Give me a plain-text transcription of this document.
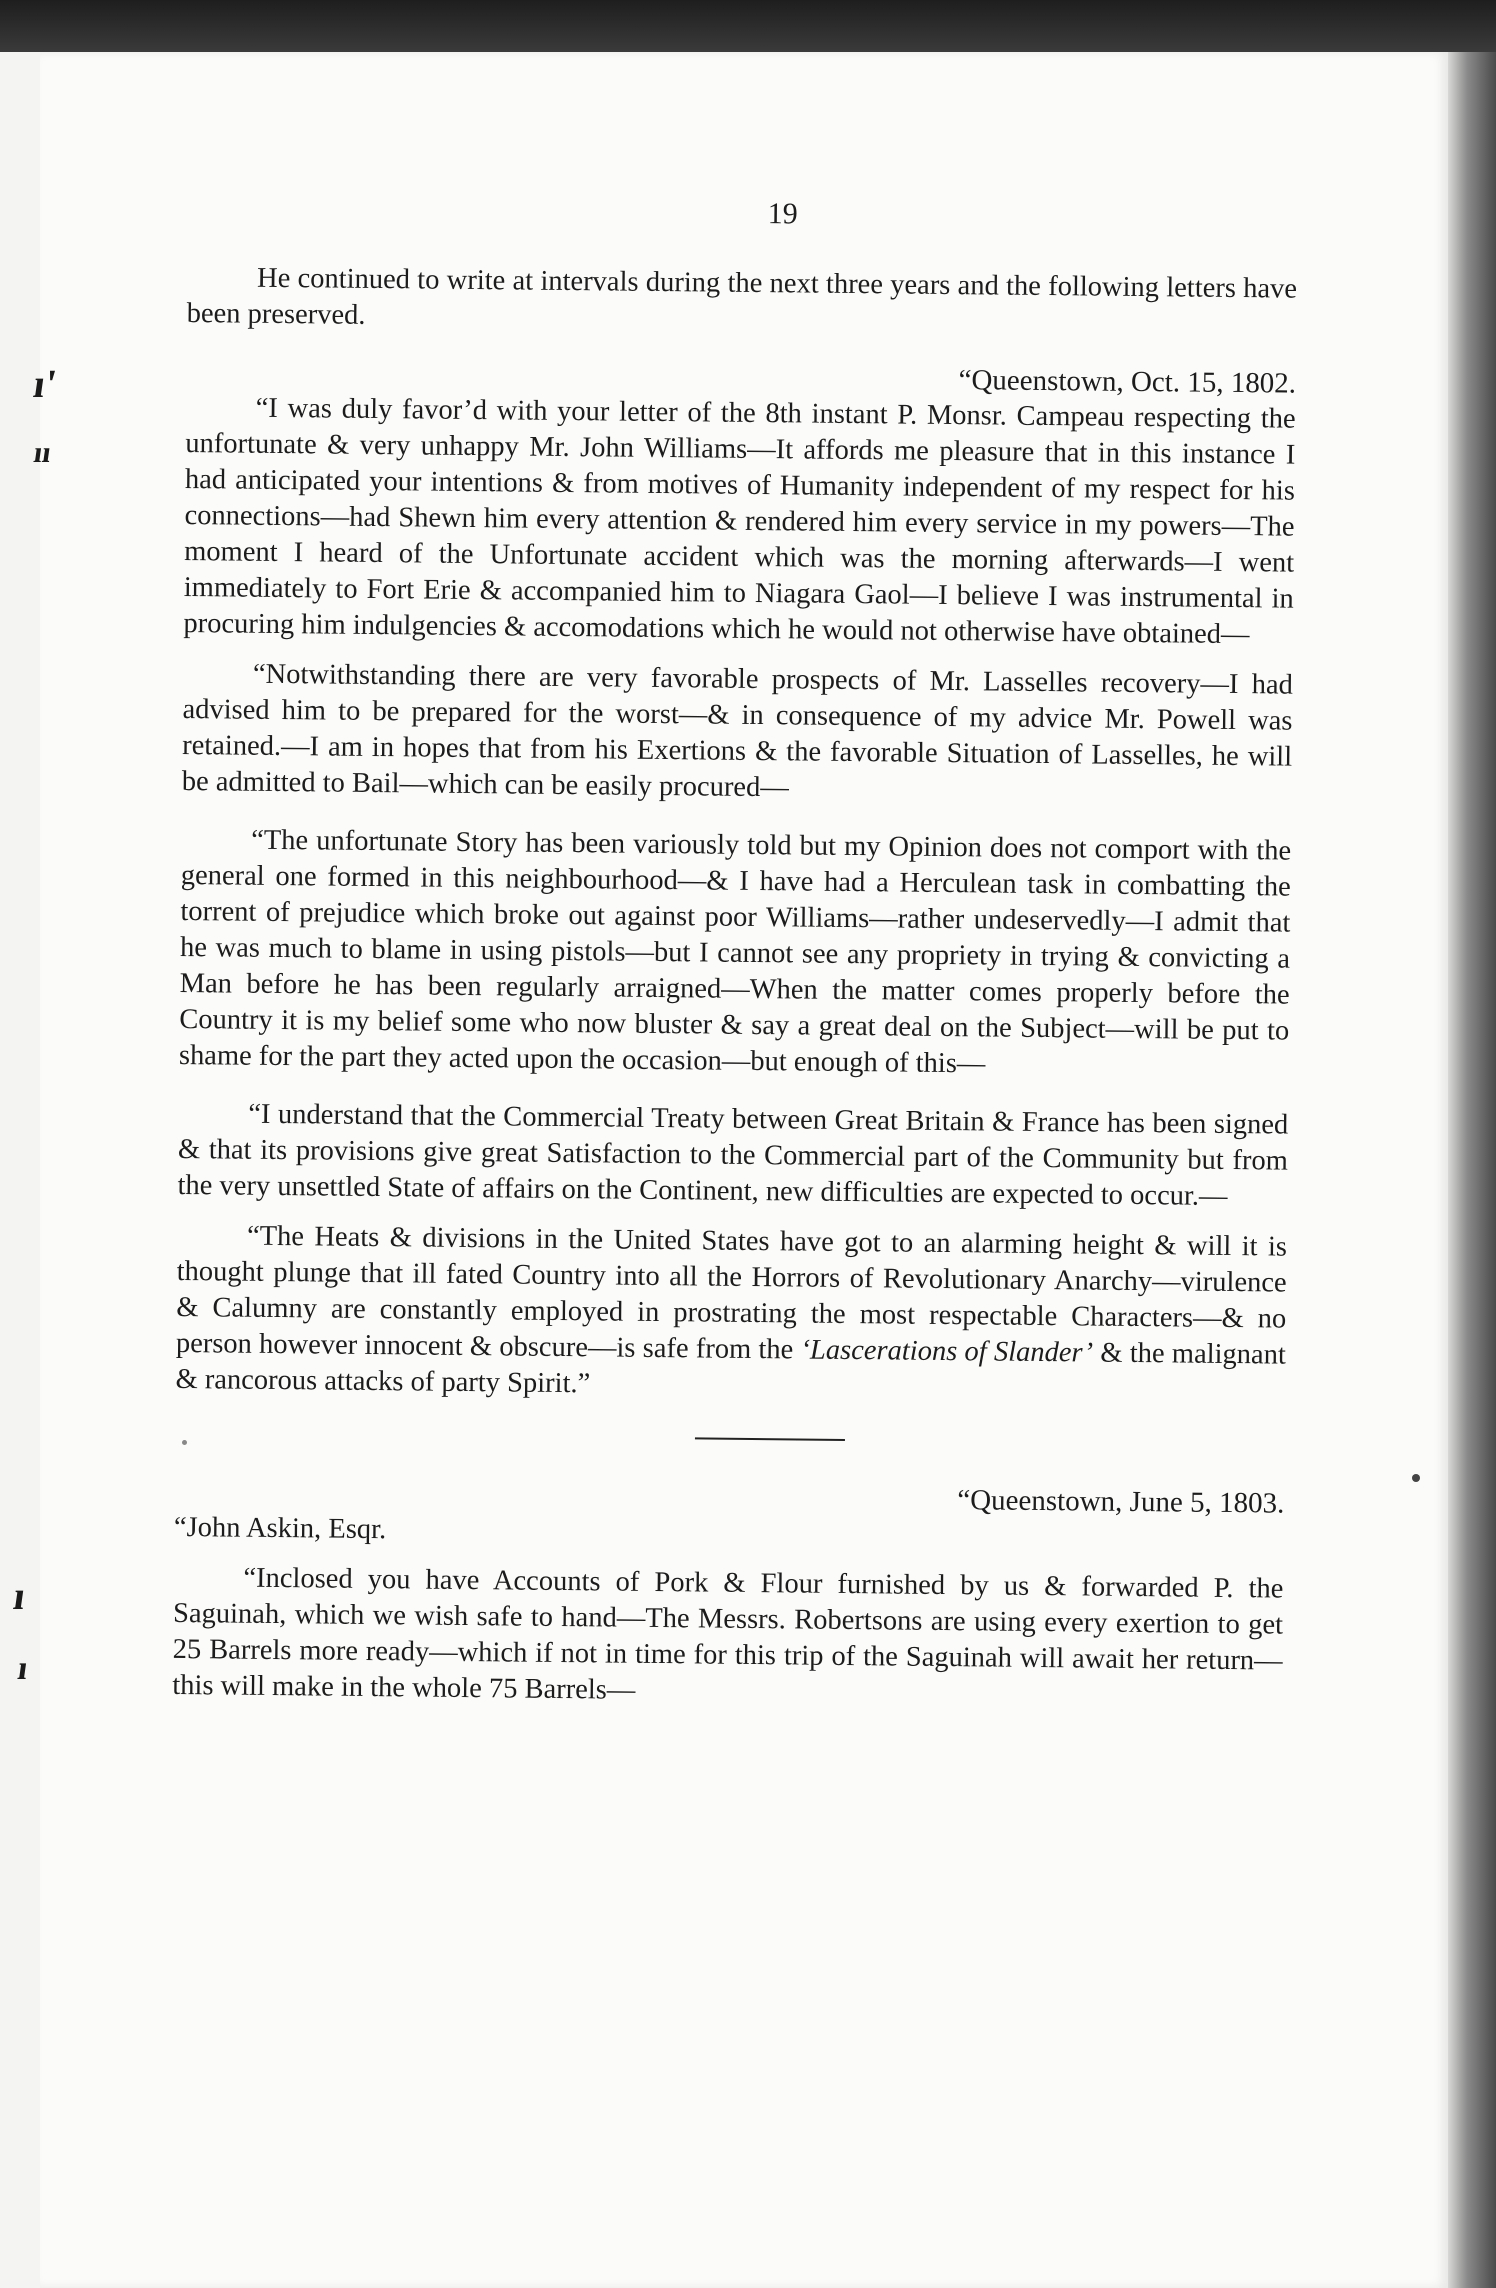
ı'
ıı
ı
ı
19

He continued to write at intervals during the next three years and the following letters have been preserved.

“Queenstown, Oct. 15, 1802.

“I was duly favor’d with your letter of the 8th instant P. Monsr. Campeau respecting the unfortunate & very unhappy Mr. John Williams—It affords me pleasure that in this instance I had anticipated your intentions & from motives of Humanity independent of my respect for his connections—had Shewn him every attention & rendered him every service in my powers—The moment I heard of the Unfortunate accident which was the morning afterwards—I went immediately to Fort Erie & accompanied him to Niagara Gaol—I believe I was instrumental in procuring him indulgencies & accomodations which he would not otherwise have obtained—

“Notwithstanding there are very favorable prospects of Mr. Lasselles recovery—I had advised him to be prepared for the worst—& in consequence of my advice Mr. Powell was retained.—I am in hopes that from his Exertions & the favorable Situation of Lasselles, he will be admitted to Bail—which can be easily procured—

“The unfortunate Story has been variously told but my Opinion does not comport with the general one formed in this neighbourhood—& I have had a Herculean task in combatting the torrent of prejudice which broke out against poor Williams—rather undeservedly—I admit that he was much to blame in using pistols—but I cannot see any propriety in trying & convicting a Man before he has been regularly arraigned—When the matter comes properly before the Country it is my belief some who now bluster & say a great deal on the Subject—will be put to shame for the part they acted upon the occasion—but enough of this—

“I understand that the Commercial Treaty between Great Britain & France has been signed & that its provisions give great Satisfaction to the Commercial part of the Community but from the very unsettled State of affairs on the Continent, new difficulties are expected to occur.—

“The Heats & divisions in the United States have got to an alarming height & will it is thought plunge that ill fated Country into all the Horrors of Revolutionary Anarchy—virulence & Calumny are constantly employed in prostrating the most respectable Characters—& no person however innocent & obscure—is safe from the ‘Lascerations of Slander’ & the malignant & rancorous attacks of party Spirit.”

“Queenstown, June 5, 1803.

“John Askin, Esqr.

“Inclosed you have Accounts of Pork & Flour furnished by us & forwarded P. the Saguinah, which we wish safe to hand—The Messrs. Robertsons are using every exertion to get 25 Barrels more ready—which if not in time for this trip of the Saguinah will await her return—this will make in the whole 75 Barrels—
